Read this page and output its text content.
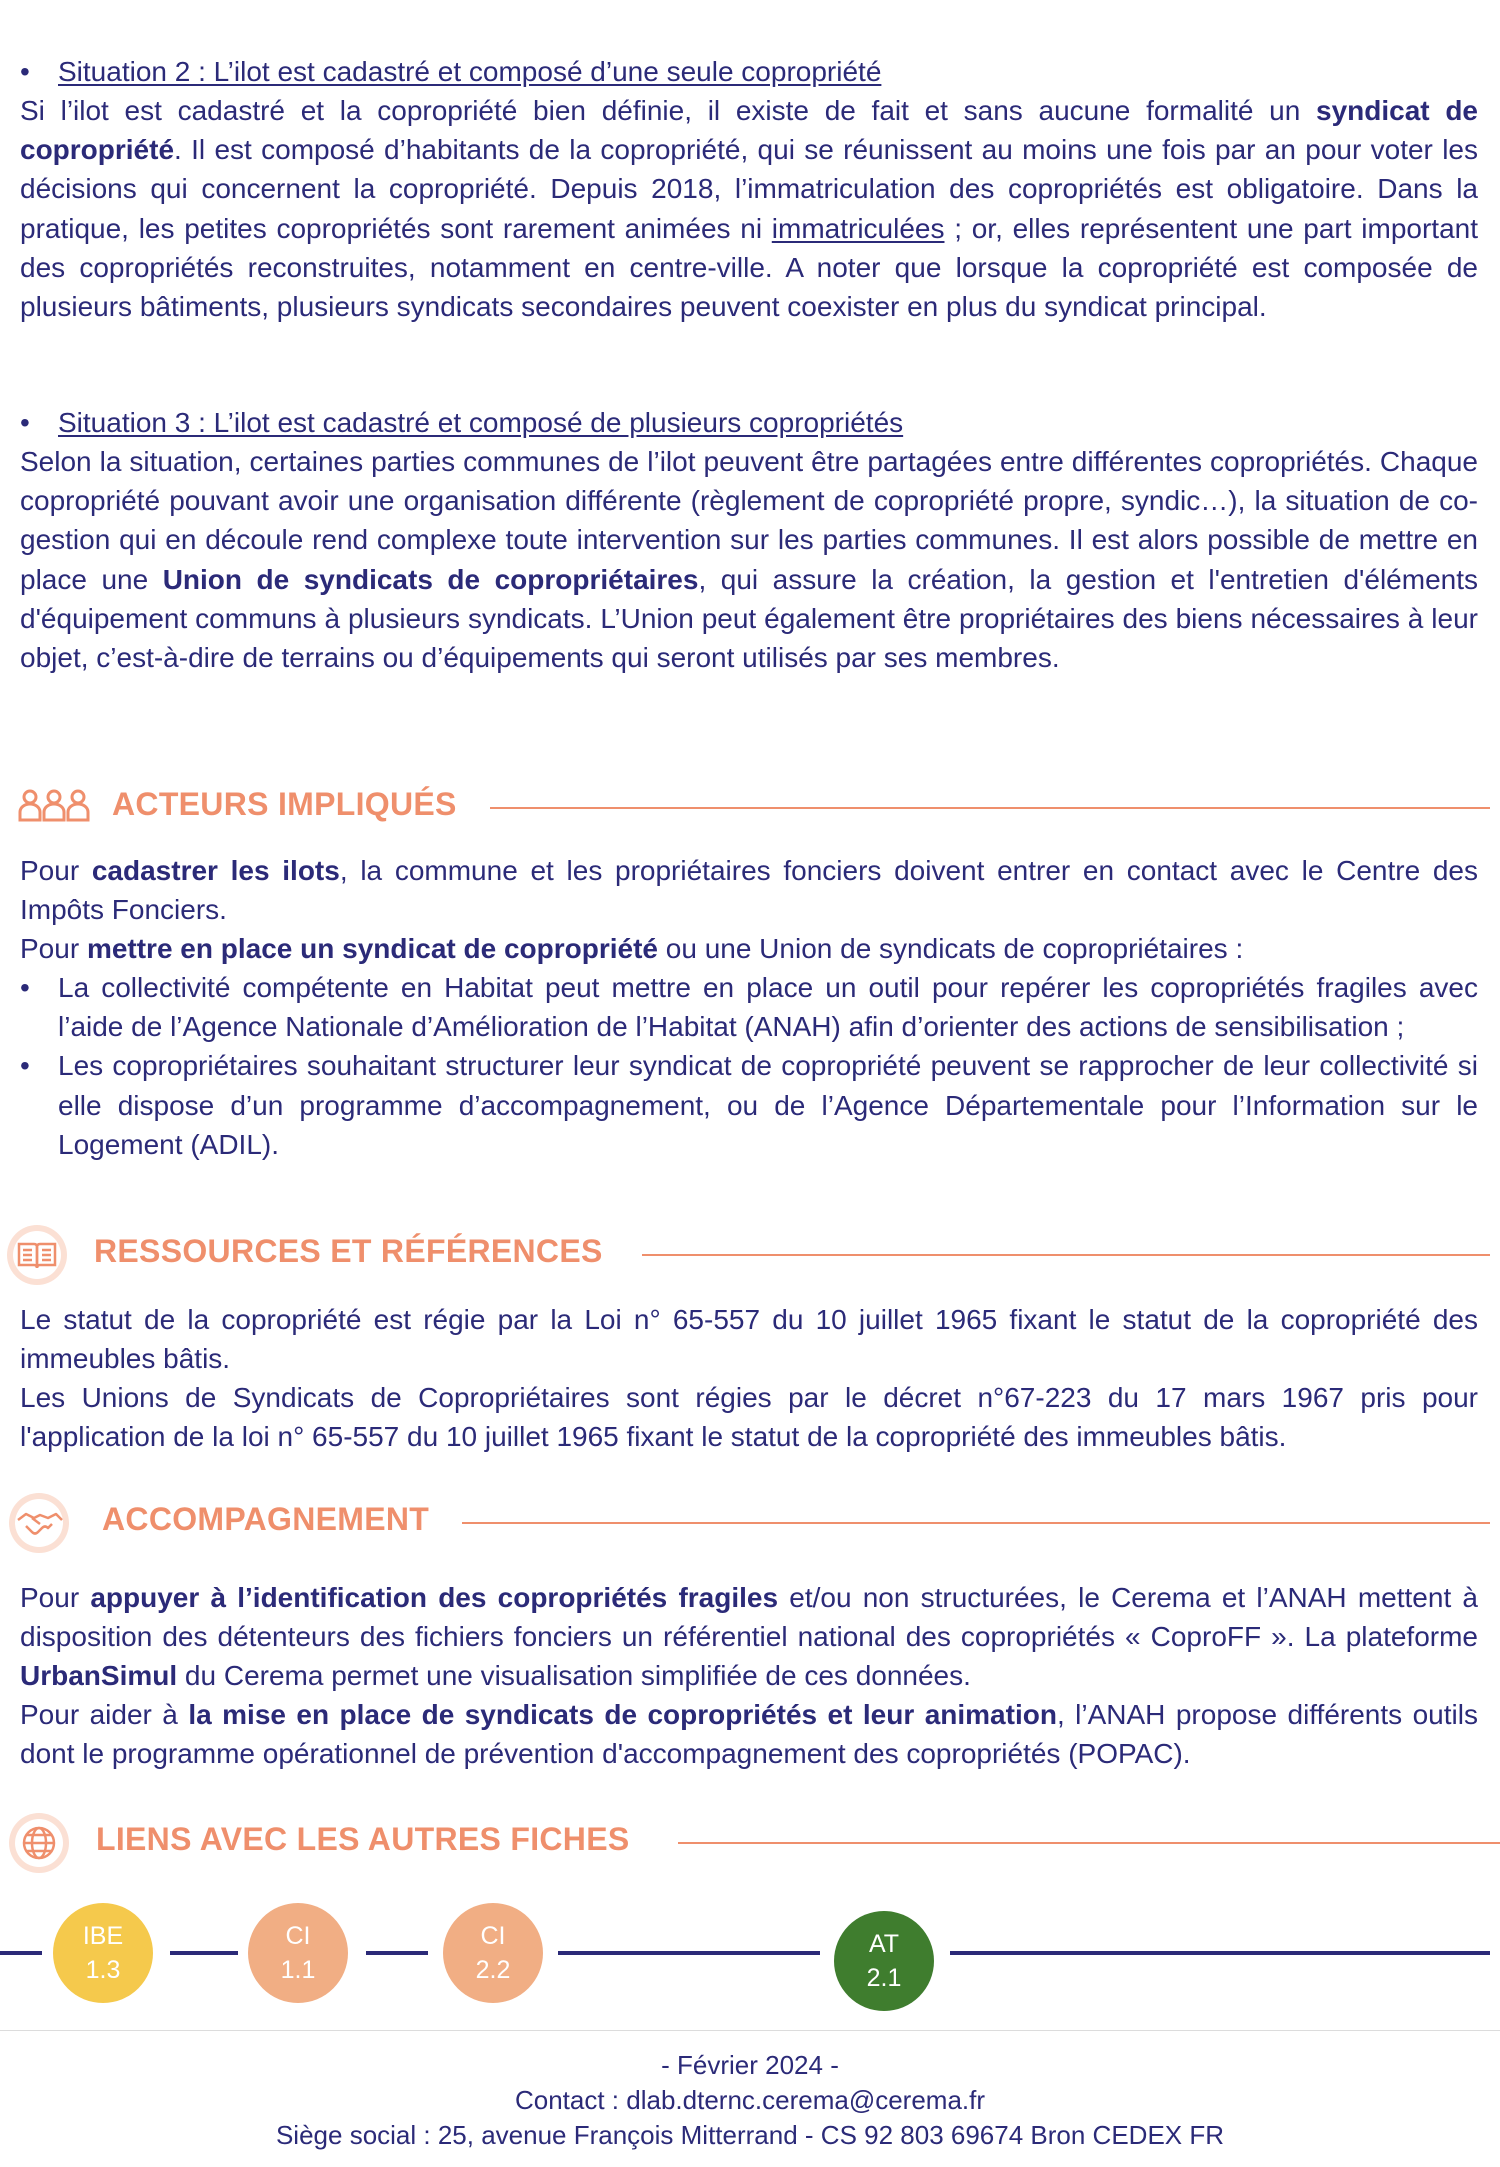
• Situation 2 : L’ilot est cadastré et composé d’une seule copropriété

Si l’ilot est cadastré et la copropriété bien définie, il existe de fait et sans aucune formalité un syndicat de copropriété. Il est composé d’habitants de la copropriété, qui se réunissent au moins une fois par an pour voter les décisions qui concernent la copropriété. Depuis 2018, l’immatriculation des copropriétés est obligatoire. Dans la pratique, les petites copropriétés sont rarement animées ni immatriculées ; or, elles représentent une part important des copropriétés reconstruites, notamment en centre-ville. A noter que lorsque la copropriété est composée de plusieurs bâtiments, plusieurs syndicats secondaires peuvent coexister en plus du syndicat principal.

• Situation 3 : L’ilot est cadastré et composé de plusieurs copropriétés

Selon la situation, certaines parties communes de l’ilot peuvent être partagées entre différentes copropriétés. Chaque copropriété pouvant avoir une organisation différente (règlement de copropriété propre, syndic…), la situation de co-gestion qui en découle rend complexe toute intervention sur les parties communes. Il est alors possible de mettre en place une Union de syndicats de copropriétaires, qui assure la création, la gestion et l'entretien d'éléments d'équipement communs à plusieurs syndicats. L’Union peut également être propriétaires des biens nécessaires à leur objet, c’est-à-dire de terrains ou d’équipements qui seront utilisés par ses membres.

ACTEURS IMPLIQUÉS

Pour cadastrer les ilots, la commune et les propriétaires fonciers doivent entrer en contact avec le Centre des Impôts Fonciers.

Pour mettre en place un syndicat de copropriété ou une Union de syndicats de copropriétaires :

• La collectivité compétente en Habitat peut mettre en place un outil pour repérer les copropriétés fragiles avec l’aide de l’Agence Nationale d’Amélioration de l’Habitat (ANAH) afin d’orienter des actions de sensibilisation ;
• Les copropriétaires souhaitant structurer leur syndicat de copropriété peuvent se rapprocher de leur collectivité si elle dispose d’un programme d’accompagnement, ou de l’Agence Départementale pour l’Information sur le Logement (ADIL).
RESSOURCES ET RÉFÉRENCES

Le statut de la copropriété est régie par la Loi n° 65-557 du 10 juillet 1965 fixant le statut de la copropriété des immeubles bâtis.

Les Unions de Syndicats de Copropriétaires sont régies par le décret n°67-223 du 17 mars 1967 pris pour l'application de la loi n° 65-557 du 10 juillet 1965 fixant le statut de la copropriété des immeubles bâtis.

ACCOMPAGNEMENT

Pour appuyer à l’identification des copropriétés fragiles et/ou non structurées, le Cerema et l’ANAH mettent à disposition des détenteurs des fichiers fonciers un référentiel national des copropriétés « CoproFF ». La plateforme UrbanSimul du Cerema permet une visualisation simplifiée de ces données.

Pour aider à la mise en place de syndicats de copropriétés et leur animation, l’ANAH propose différents outils dont le programme opérationnel de prévention d'accompagnement des copropriétés (POPAC).

LIENS AVEC LES AUTRES FICHES
IBE
1.3
CI
1.1
CI
2.2
AT
2.1
- Février 2024 -
Contact : dlab.dternc.cerema@cerema.fr
Siège social : 25, avenue François Mitterrand - CS 92 803 69674 Bron CEDEX FR
